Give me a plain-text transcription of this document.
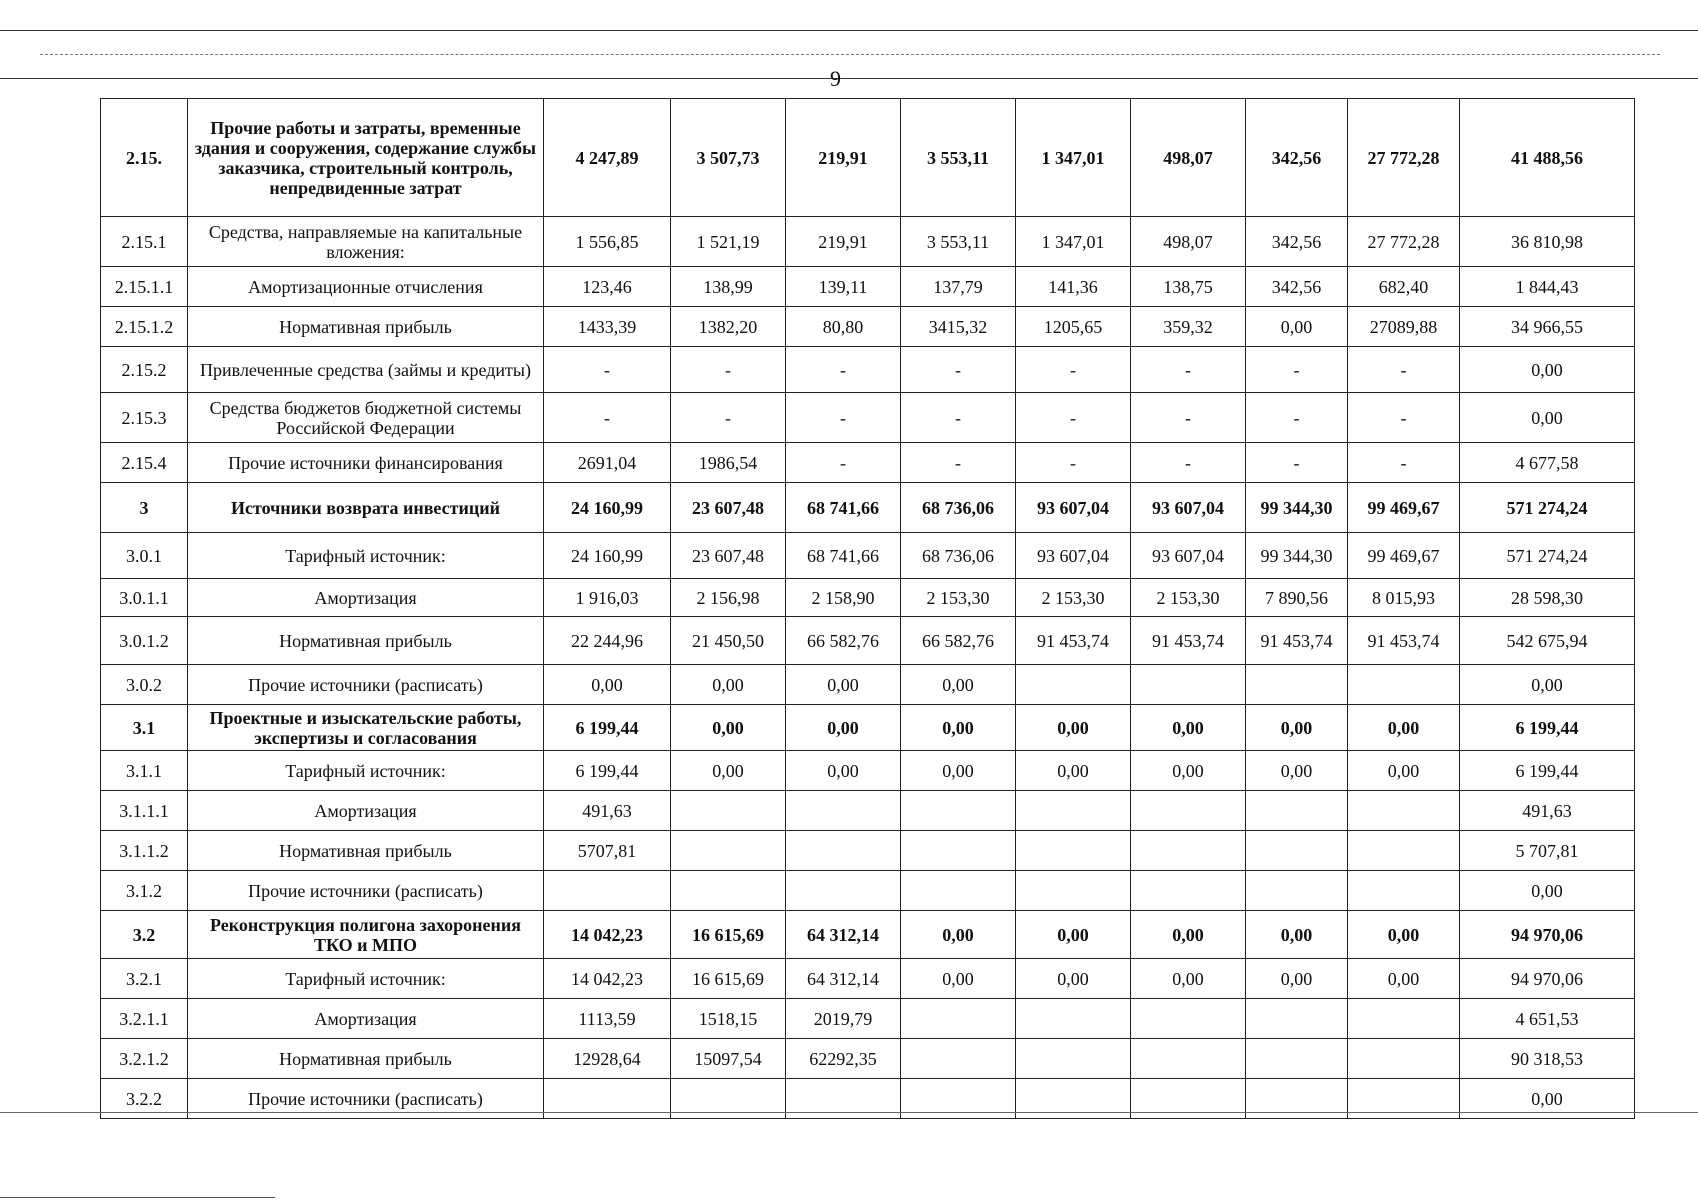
9
2.15.	Прочие работы и затраты, временные здания и сооружения, содержание службы заказчика, строительный контроль, непредвиденные затрат	4 247,89	3 507,73	219,91	3 553,11	1 347,01	498,07	342,56	27 772,28	41 488,56
2.15.1	Средства, направляемые на капитальные вложения:	1 556,85	1 521,19	219,91	3 553,11	1 347,01	498,07	342,56	27 772,28	36 810,98
2.15.1.1	Амортизационные отчисления	123,46	138,99	139,11	137,79	141,36	138,75	342,56	682,40	1 844,43
2.15.1.2	Нормативная прибыль	1433,39	1382,20	80,80	3415,32	1205,65	359,32	0,00	27089,88	34 966,55
2.15.2	Привлеченные средства (займы и кредиты)	-	-	-	-	-	-	-	-	0,00
2.15.3	Средства бюджетов бюджетной системы Российской Федерации	-	-	-	-	-	-	-	-	0,00
2.15.4	Прочие источники финансирования	2691,04	1986,54	-	-	-	-	-	-	4 677,58
3	Источники возврата инвестиций	24 160,99	23 607,48	68 741,66	68 736,06	93 607,04	93 607,04	99 344,30	99 469,67	571 274,24
3.0.1	Тарифный источник:	24 160,99	23 607,48	68 741,66	68 736,06	93 607,04	93 607,04	99 344,30	99 469,67	571 274,24
3.0.1.1	Амортизация	1 916,03	2 156,98	2 158,90	2 153,30	2 153,30	2 153,30	7 890,56	8 015,93	28 598,30
3.0.1.2	Нормативная прибыль	22 244,96	21 450,50	66 582,76	66 582,76	91 453,74	91 453,74	91 453,74	91 453,74	542 675,94
3.0.2	Прочие источники (расписать)	0,00	0,00	0,00	0,00					0,00
3.1	Проектные и изыскательские работы, экспертизы и согласования	6 199,44	0,00	0,00	0,00	0,00	0,00	0,00	0,00	6 199,44
3.1.1	Тарифный источник:	6 199,44	0,00	0,00	0,00	0,00	0,00	0,00	0,00	6 199,44
3.1.1.1	Амортизация	491,63								491,63
3.1.1.2	Нормативная прибыль	5707,81								5 707,81
3.1.2	Прочие источники (расписать)									0,00
3.2	Реконструкция полигона захоронения ТКО и МПО	14 042,23	16 615,69	64 312,14	0,00	0,00	0,00	0,00	0,00	94 970,06
3.2.1	Тарифный источник:	14 042,23	16 615,69	64 312,14	0,00	0,00	0,00	0,00	0,00	94 970,06
3.2.1.1	Амортизация	1113,59	1518,15	2019,79						4 651,53
3.2.1.2	Нормативная прибыль	12928,64	15097,54	62292,35						90 318,53
3.2.2	Прочие источники (расписать)									0,00
